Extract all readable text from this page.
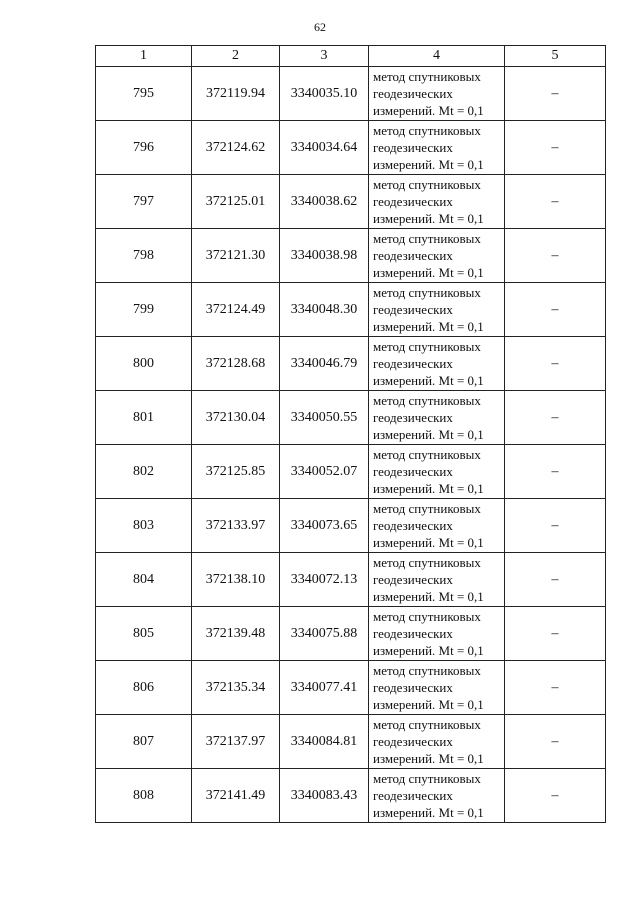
62
1	2	3	4	5
795	372119.94	3340035.10	метод спутниковых
геодезических
измерений. Mt = 0,1	–
796	372124.62	3340034.64	метод спутниковых
геодезических
измерений. Mt = 0,1	–
797	372125.01	3340038.62	метод спутниковых
геодезических
измерений. Mt = 0,1	–
798	372121.30	3340038.98	метод спутниковых
геодезических
измерений. Mt = 0,1	–
799	372124.49	3340048.30	метод спутниковых
геодезических
измерений. Mt = 0,1	–
800	372128.68	3340046.79	метод спутниковых
геодезических
измерений. Mt = 0,1	–
801	372130.04	3340050.55	метод спутниковых
геодезических
измерений. Mt = 0,1	–
802	372125.85	3340052.07	метод спутниковых
геодезических
измерений. Mt = 0,1	–
803	372133.97	3340073.65	метод спутниковых
геодезических
измерений. Mt = 0,1	–
804	372138.10	3340072.13	метод спутниковых
геодезических
измерений. Mt = 0,1	–
805	372139.48	3340075.88	метод спутниковых
геодезических
измерений. Mt = 0,1	–
806	372135.34	3340077.41	метод спутниковых
геодезических
измерений. Mt = 0,1	–
807	372137.97	3340084.81	метод спутниковых
геодезических
измерений. Mt = 0,1	–
808	372141.49	3340083.43	метод спутниковых
геодезических
измерений. Mt = 0,1	–
